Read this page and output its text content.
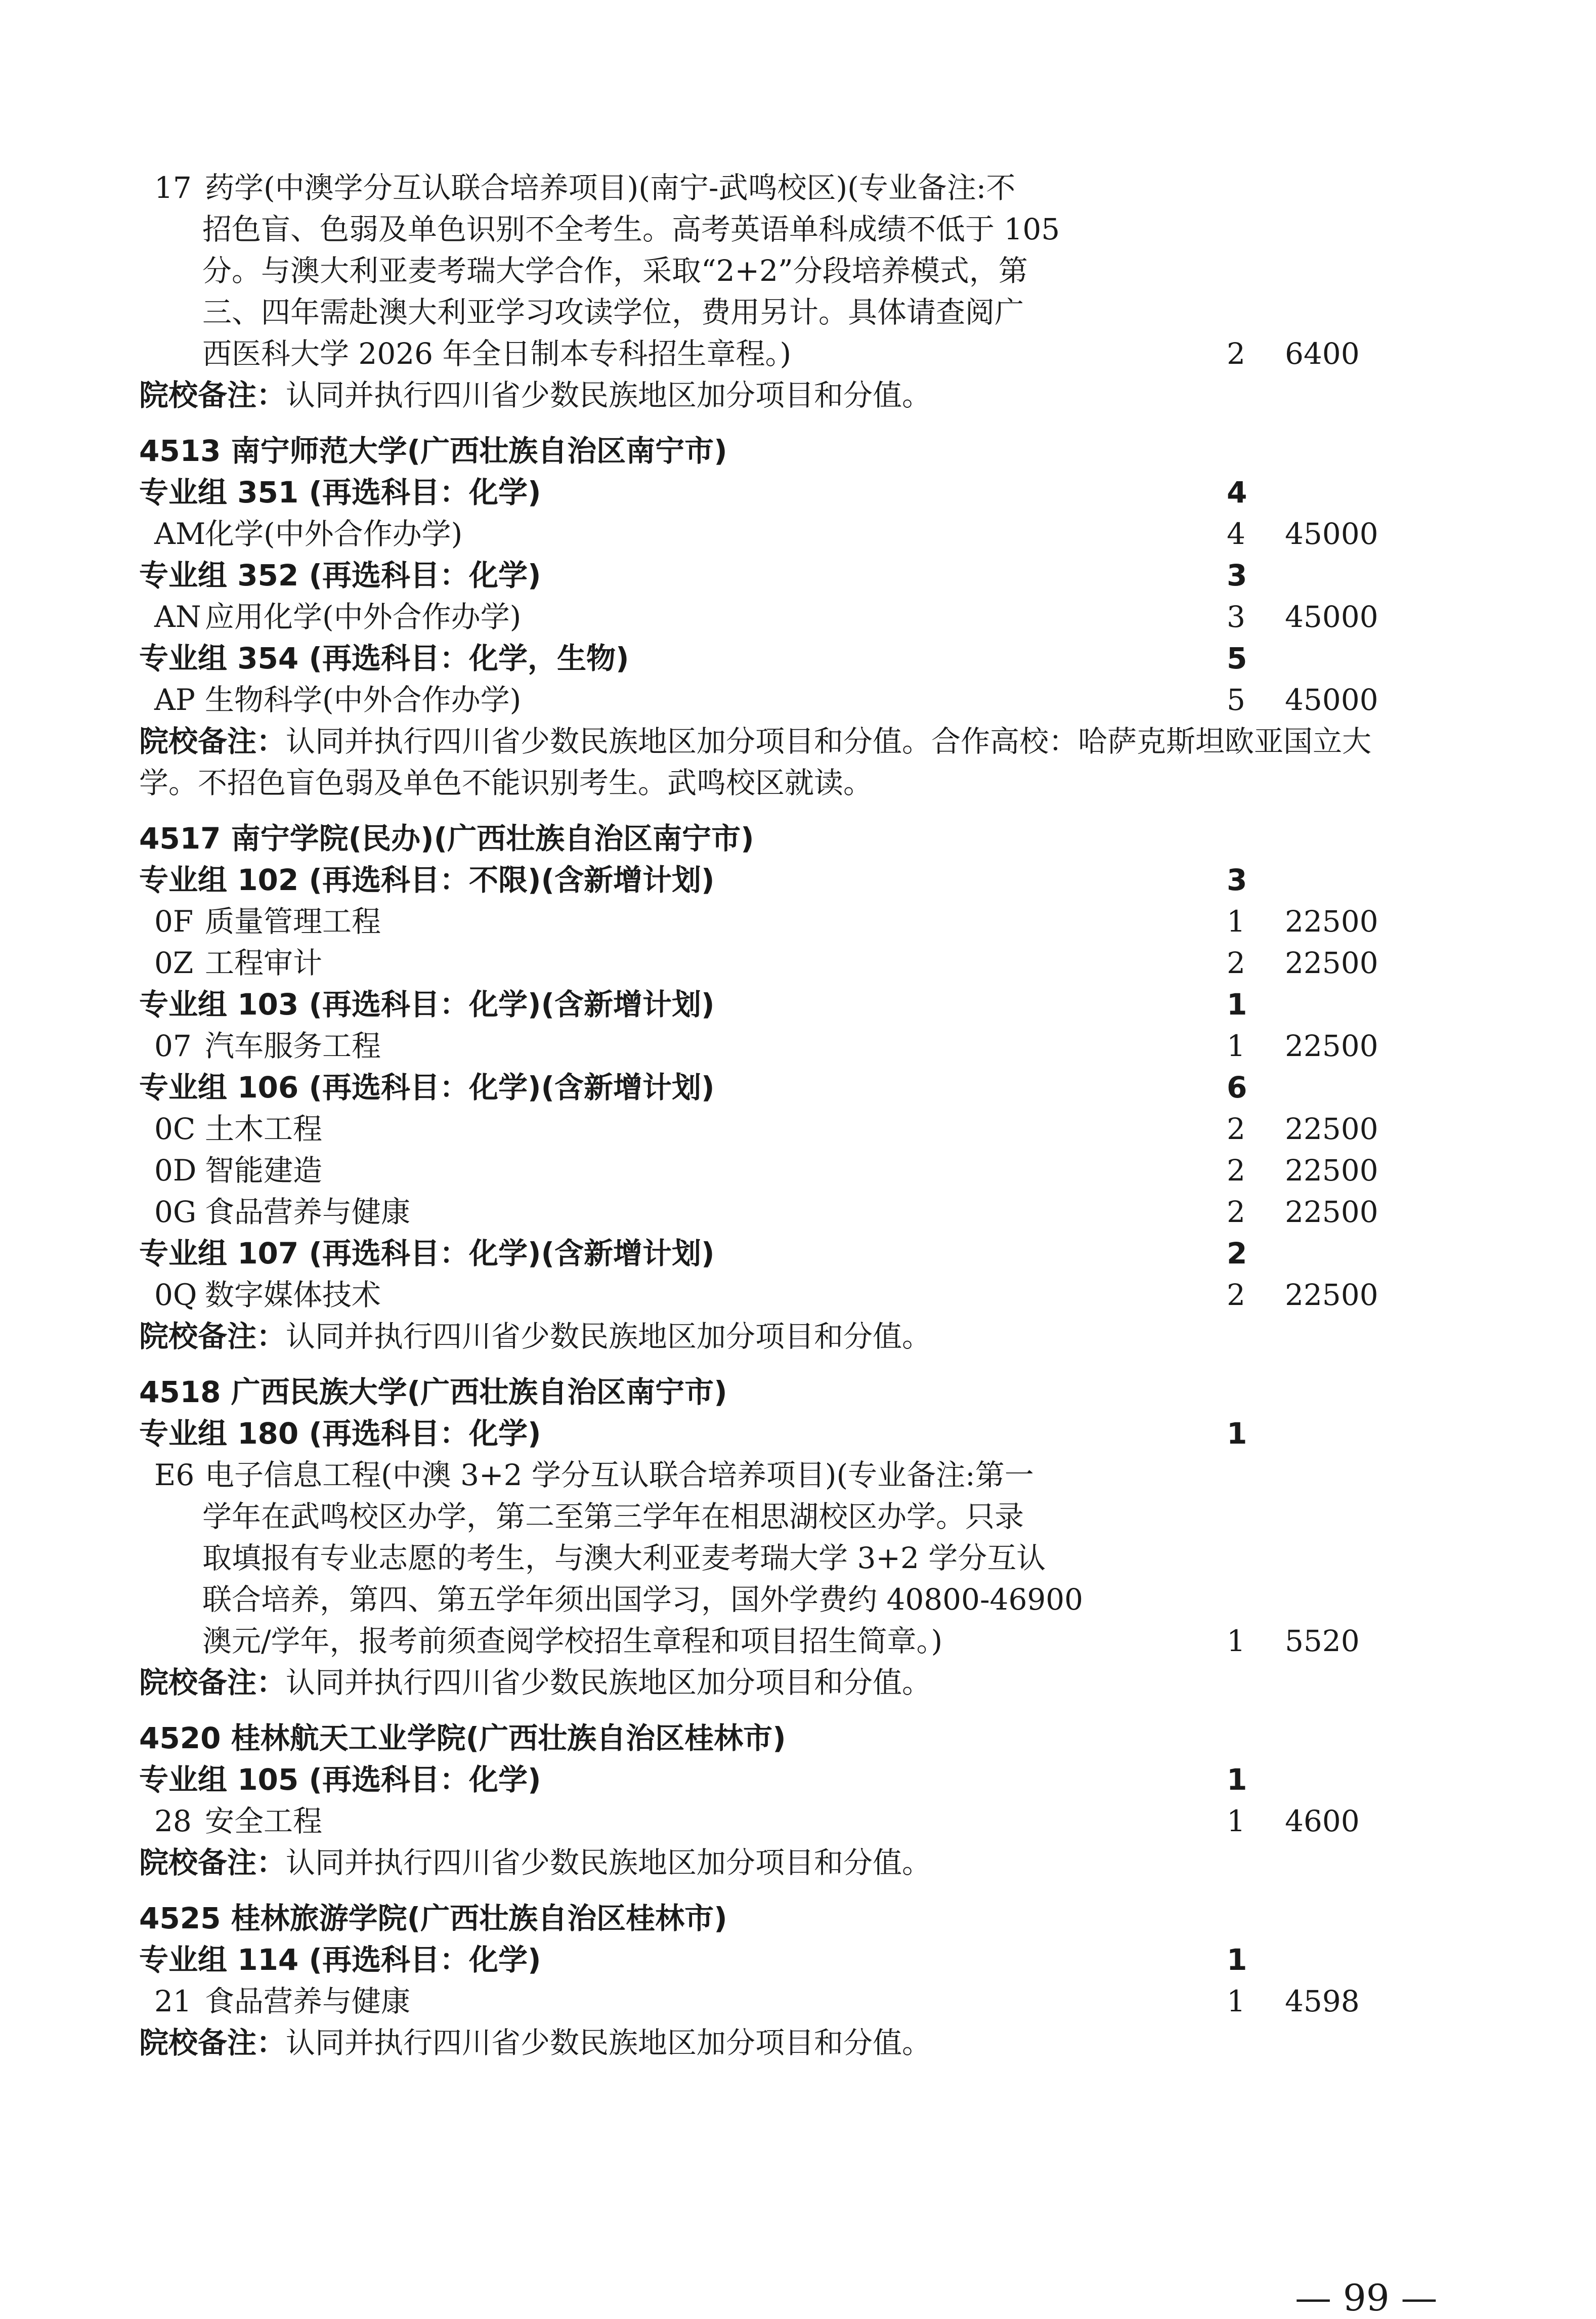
— 99 —
17 药学(中澳学分互认联合培养项目)(南宁-武鸣校区)(专业备注:不
招色盲、色弱及单色识别不全考生。高考英语单科成绩不低于 105
分。与澳大利亚麦考瑞大学合作，采取“2+2”分段培养模式，第
三、四年需赴澳大利亚学习攻读学位，费用另计。具体请查阅广
西医科大学 2026 年全日制本专科招生章程。)	2 6400
院校备注：认同并执行四川省少数民族地区加分项目和分值。
4513 南宁师范大学(广西壮族自治区南宁市)
专业组 351 (再选科目：化学)	4
AM化学(中外合作办学)	4 45000
专业组 352 (再选科目：化学)	3
AN 应用化学(中外合作办学)	3 45000
专业组 354 (再选科目：化学，生物)	5
AP 生物科学(中外合作办学)	5 45000
院校备注：认同并执行四川省少数民族地区加分项目和分值。合作高校：哈萨克斯坦欧亚国立大
学。不招色盲色弱及单色不能识别考生。武鸣校区就读。
4517 南宁学院(民办)(广西壮族自治区南宁市)
专业组 102 (再选科目：不限)(含新增计划)	3
0F 质量管理工程	1 22500
0Z 工程审计	2 22500
专业组 103 (再选科目：化学)(含新增计划)	1
07 汽车服务工程	1 22500
专业组 106 (再选科目：化学)(含新增计划)	6
0C 土木工程	2 22500
0D 智能建造	2 22500
0G 食品营养与健康	2 22500
专业组 107 (再选科目：化学)(含新增计划)	2
0Q 数字媒体技术	2 22500
院校备注：认同并执行四川省少数民族地区加分项目和分值。
4518 广西民族大学(广西壮族自治区南宁市)
专业组 180 (再选科目：化学)	1
E6 电子信息工程(中澳 3+2 学分互认联合培养项目)(专业备注:第一
学年在武鸣校区办学，第二至第三学年在相思湖校区办学。只录
取填报有专业志愿的考生，与澳大利亚麦考瑞大学 3+2 学分互认
联合培养，第四、第五学年须出国学习，国外学费约 40800-46900
澳元/学年，报考前须查阅学校招生章程和项目招生简章。)	1 5520
院校备注：认同并执行四川省少数民族地区加分项目和分值。
4520 桂林航天工业学院(广西壮族自治区桂林市)
专业组 105 (再选科目：化学)	1
28 安全工程	1 4600
院校备注：认同并执行四川省少数民族地区加分项目和分值。
4525 桂林旅游学院(广西壮族自治区桂林市)
专业组 114 (再选科目：化学)	1
21 食品营养与健康	1 4598
院校备注：认同并执行四川省少数民族地区加分项目和分值。
